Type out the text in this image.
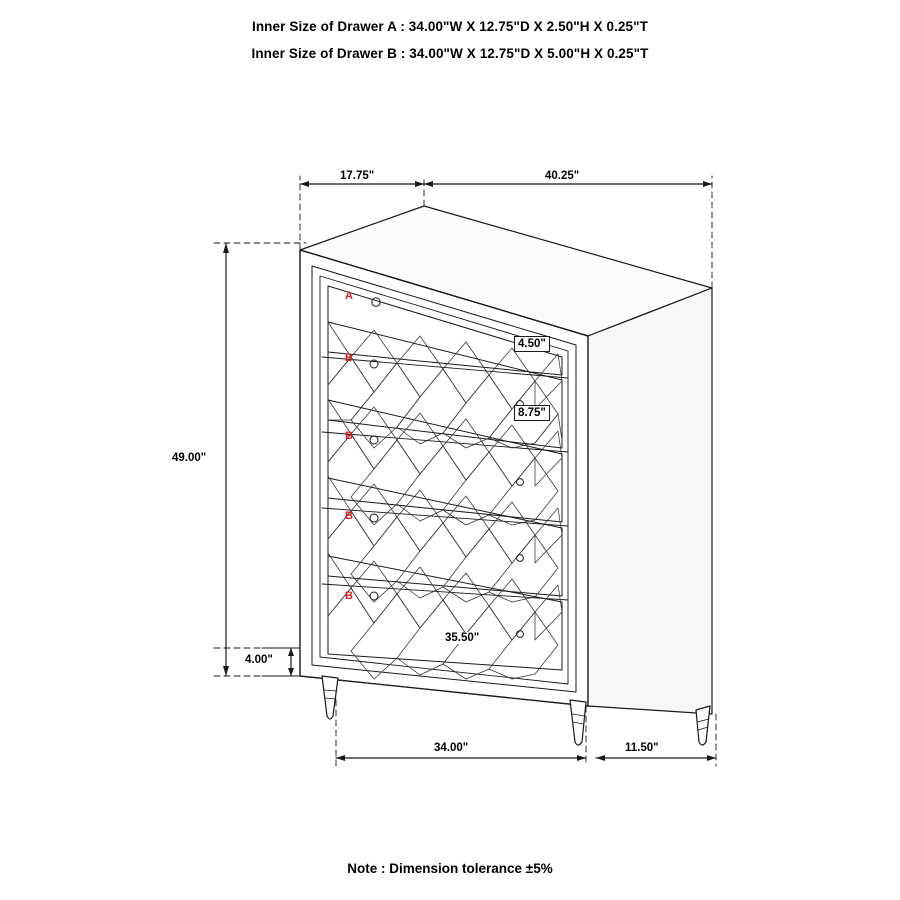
Inner Size of Drawer A : 34.00"W X 12.75"D X 2.50"H X 0.25"T
Inner Size of Drawer B : 34.00"W X 12.75"D X 5.00"H X 0.25"T
17.75"	40.25"
49.00"
4.50"
8.75"
35.50"
4.00"
34.00"	11.50"
A
B
B
B
B
Note : Dimension tolerance ±5%
